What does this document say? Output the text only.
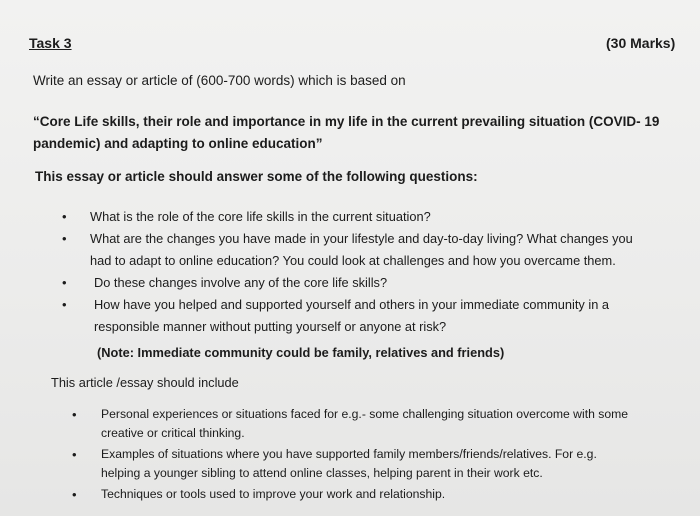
Task 3	(30 Marks)
Write an essay or article of (600-700 words) which is based on
“Core Life skills, their role and importance in my life in the current prevailing situation (COVID- 19
pandemic) and adapting to online education”
This essay or article should answer some of the following questions:
• What is the role of the core life skills in the current situation?
• What are the changes you have made in your lifestyle and day-to-day living? What changes you
had to adapt to online education? You could look at challenges and how you overcame them.
• Do these changes involve any of the core life skills?
• How have you helped and supported yourself and others in your immediate community in a
responsible manner without putting yourself or anyone at risk?
(Note: Immediate community could be family, relatives and friends)
This article /essay should include
• Personal experiences or situations faced for e.g.- some challenging situation overcome with some
creative or critical thinking.
• Examples of situations where you have supported family members/friends/relatives. For e.g.
helping a younger sibling to attend online classes, helping parent in their work etc.
• Techniques or tools used to improve your work and relationship.
